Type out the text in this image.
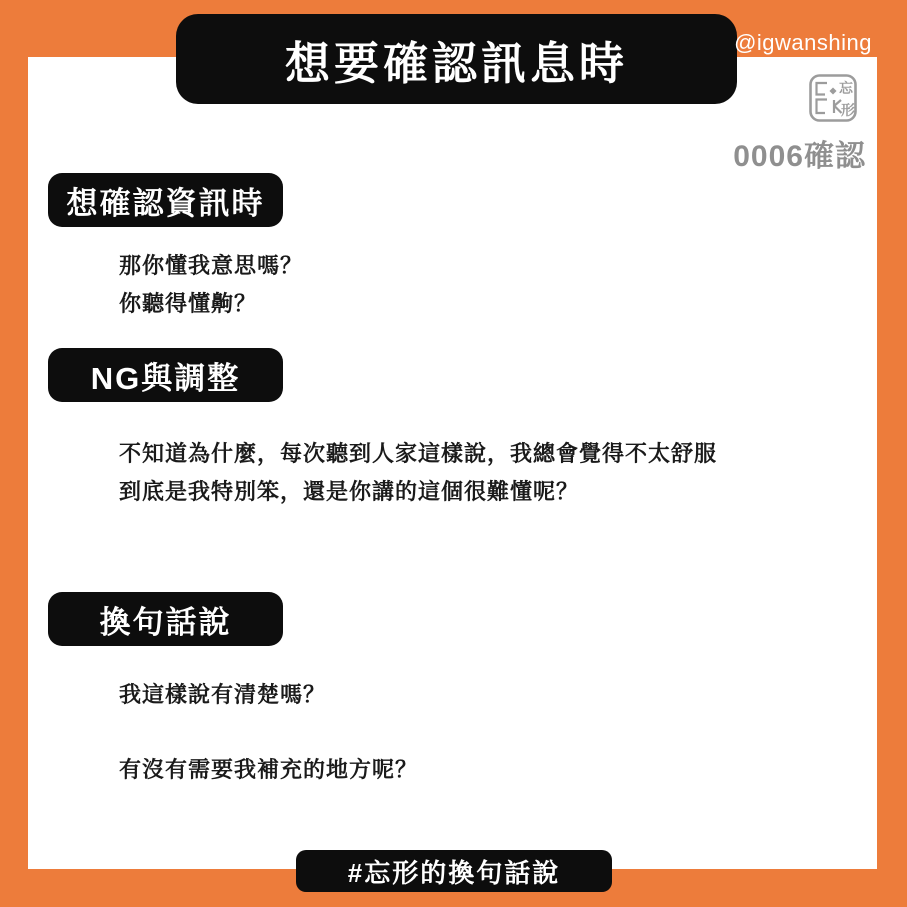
想要確認訊息時	@igwanshing
忘
形
0006確認
想確認資訊時
那你懂我意思嗎？
你聽得懂齁？
NG與調整
不知道為什麼，每次聽到人家這樣說，我總會覺得不太舒服
到底是我特別笨，還是你講的這個很難懂呢？
換句話說
我這樣說有清楚嗎？
有沒有需要我補充的地方呢？
#忘形的換句話說
